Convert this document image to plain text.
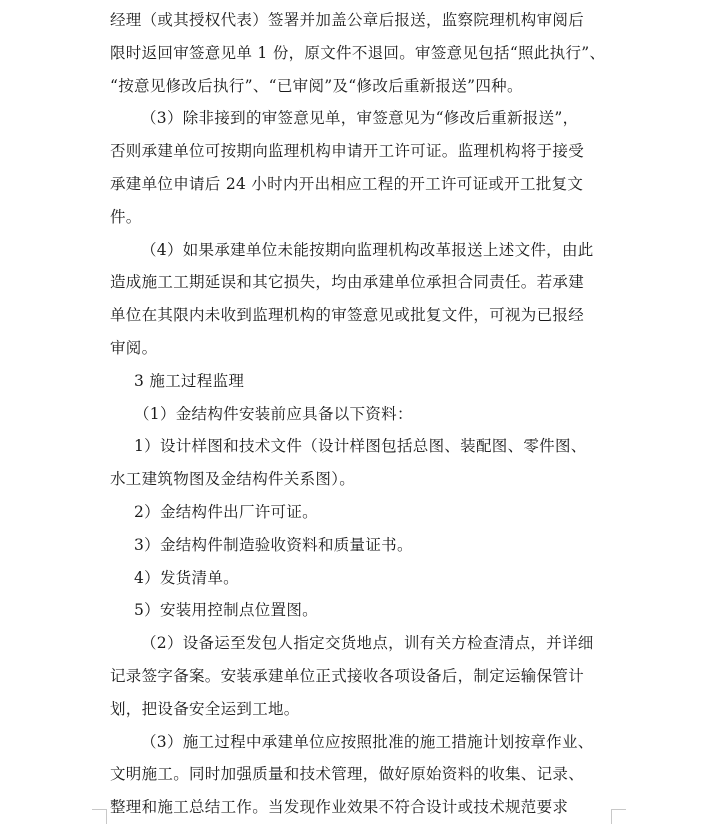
经理（或其授权代表）签署并加盖公章后报送，监察院理机构审阅后
限时返回审签意见单 1 份，原文件不退回。审签意见包括“照此执行”、
“按意见修改后执行”、“已审阅”及“修改后重新报送”四种。
（3）除非接到的审签意见单，审签意见为“修改后重新报送”，
否则承建单位可按期向监理机构申请开工许可证。监理机构将于接受
承建单位申请后 24 小时内开出相应工程的开工许可证或开工批复文
件。
（4）如果承建单位未能按期向监理机构改革报送上述文件，由此
造成施工工期延误和其它损失，均由承建单位承担合同责任。若承建
单位在其限内未收到监理机构的审签意见或批复文件，可视为已报经
审阅。
3 施工过程监理
（1）金结构件安装前应具备以下资料：
1）设计样图和技术文件（设计样图包括总图、装配图、零件图、
水工建筑物图及金结构件关系图）。
2）金结构件出厂许可证。
3）金结构件制造验收资料和质量证书。
4）发货清单。
5）安装用控制点位置图。
（2）设备运至发包人指定交货地点，训有关方检查清点，并详细
记录签字备案。安装承建单位正式接收各项设备后，制定运输保管计
划，把设备安全运到工地。
（3）施工过程中承建单位应按照批准的施工措施计划按章作业、
文明施工。同时加强质量和技术管理，做好原始资料的收集、记录、
整理和施工总结工作。当发现作业效果不符合设计或技术规范要求
